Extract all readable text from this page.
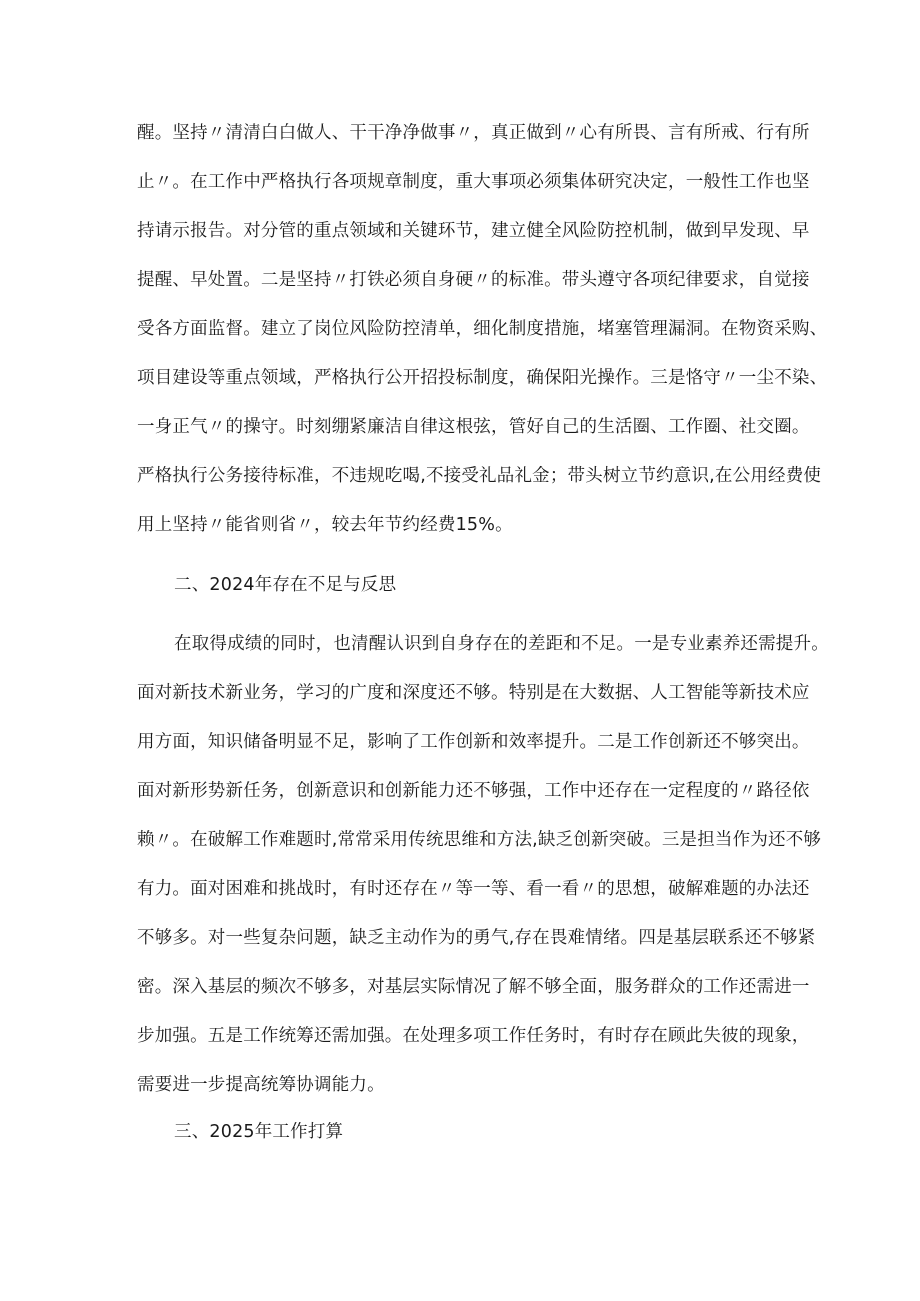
醒。坚持〃清清白白做人、干干净净做事〃，真正做到〃心有所畏、言有所戒、行有所
止〃。在工作中严格执行各项规章制度，重大事项必须集体研究决定，一般性工作也坚
持请示报告。对分管的重点领域和关键环节，建立健全风险防控机制，做到早发现、早
提醒、早处置。二是坚持〃打铁必须自身硬〃的标准。带头遵守各项纪律要求，自觉接
受各方面监督。建立了岗位风险防控清单，细化制度措施，堵塞管理漏洞。在物资采购、
项目建设等重点领域，严格执行公开招投标制度，确保阳光操作。三是恪守〃一尘不染、
一身正气〃的操守。时刻绷紧廉洁自律这根弦，管好自己的生活圈、工作圈、社交圈。
严格执行公务接待标准，不违规吃喝,不接受礼品礼金；带头树立节约意识,在公用经费使
用上坚持〃能省则省〃，较去年节约经费15%。
二、2024年存在不足与反思
在取得成绩的同时，也清醒认识到自身存在的差距和不足。一是专业素养还需提升。
面对新技术新业务，学习的广度和深度还不够。特别是在大数据、人工智能等新技术应
用方面，知识储备明显不足，影响了工作创新和效率提升。二是工作创新还不够突出。
面对新形势新任务，创新意识和创新能力还不够强，工作中还存在一定程度的〃路径依
赖〃。在破解工作难题时,常常采用传统思维和方法,缺乏创新突破。三是担当作为还不够
有力。面对困难和挑战时，有时还存在〃等一等、看一看〃的思想，破解难题的办法还
不够多。对一些复杂问题，缺乏主动作为的勇气,存在畏难情绪。四是基层联系还不够紧
密。深入基层的频次不够多，对基层实际情况了解不够全面，服务群众的工作还需进一
步加强。五是工作统筹还需加强。在处理多项工作任务时，有时存在顾此失彼的现象，
需要进一步提高统筹协调能力。
三、2025年工作打算
